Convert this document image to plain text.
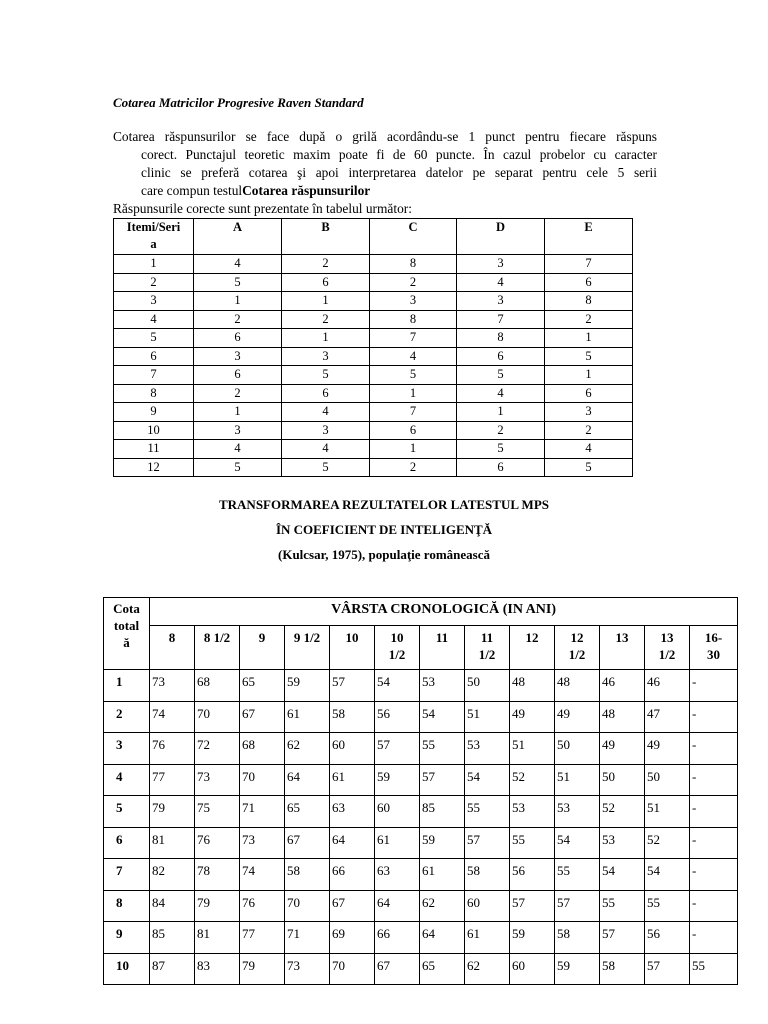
Cotarea Matricilor Progresive Raven Standard
Cotarea răspunsurilor se face după o grilă acordându-se 1 punct pentru fiecare răspuns
corect. Punctajul teoretic maxim poate fi de 60 puncte. În cazul probelor cu caracter
clinic se preferă cotarea şi apoi interpretarea datelor pe separat pentru cele 5 serii
care compun testulCotarea răspunsurilor
Răspunsurile corecte sunt prezentate în tabelul următor:
Itemi/Seri
a	A	B	C	D	E
1	4	2	8	3	7
2	5	6	2	4	6
3	1	1	3	3	8
4	2	2	8	7	2
5	6	1	7	8	1
6	3	3	4	6	5
7	6	5	5	5	1
8	2	6	1	4	6
9	1	4	7	1	3
10	3	3	6	2	2
11	4	4	1	5	4
12	5	5	2	6	5
TRANSFORMAREA REZULTATELOR LATESTUL MPS
ÎN COEFICIENT DE INTELIGENŢĂ
(Kulcsar, 1975), populaţie românească
Cota
total
ă	VÂRSTA CRONOLOGICĂ (IN ANI)												
	8	8 1/2	9	9 1/2	10	10
1/2	11	11
1/2	12	12
1/2	13	13
1/2	16-
30
1	73	68	65	59	57	54	53	50	48	48	46	46	-
2	74	70	67	61	58	56	54	51	49	49	48	47	-
3	76	72	68	62	60	57	55	53	51	50	49	49	-
4	77	73	70	64	61	59	57	54	52	51	50	50	-
5	79	75	71	65	63	60	85	55	53	53	52	51	-
6	81	76	73	67	64	61	59	57	55	54	53	52	-
7	82	78	74	58	66	63	61	58	56	55	54	54	-
8	84	79	76	70	67	64	62	60	57	57	55	55	-
9	85	81	77	71	69	66	64	61	59	58	57	56	-
10	87	83	79	73	70	67	65	62	60	59	58	57	55
